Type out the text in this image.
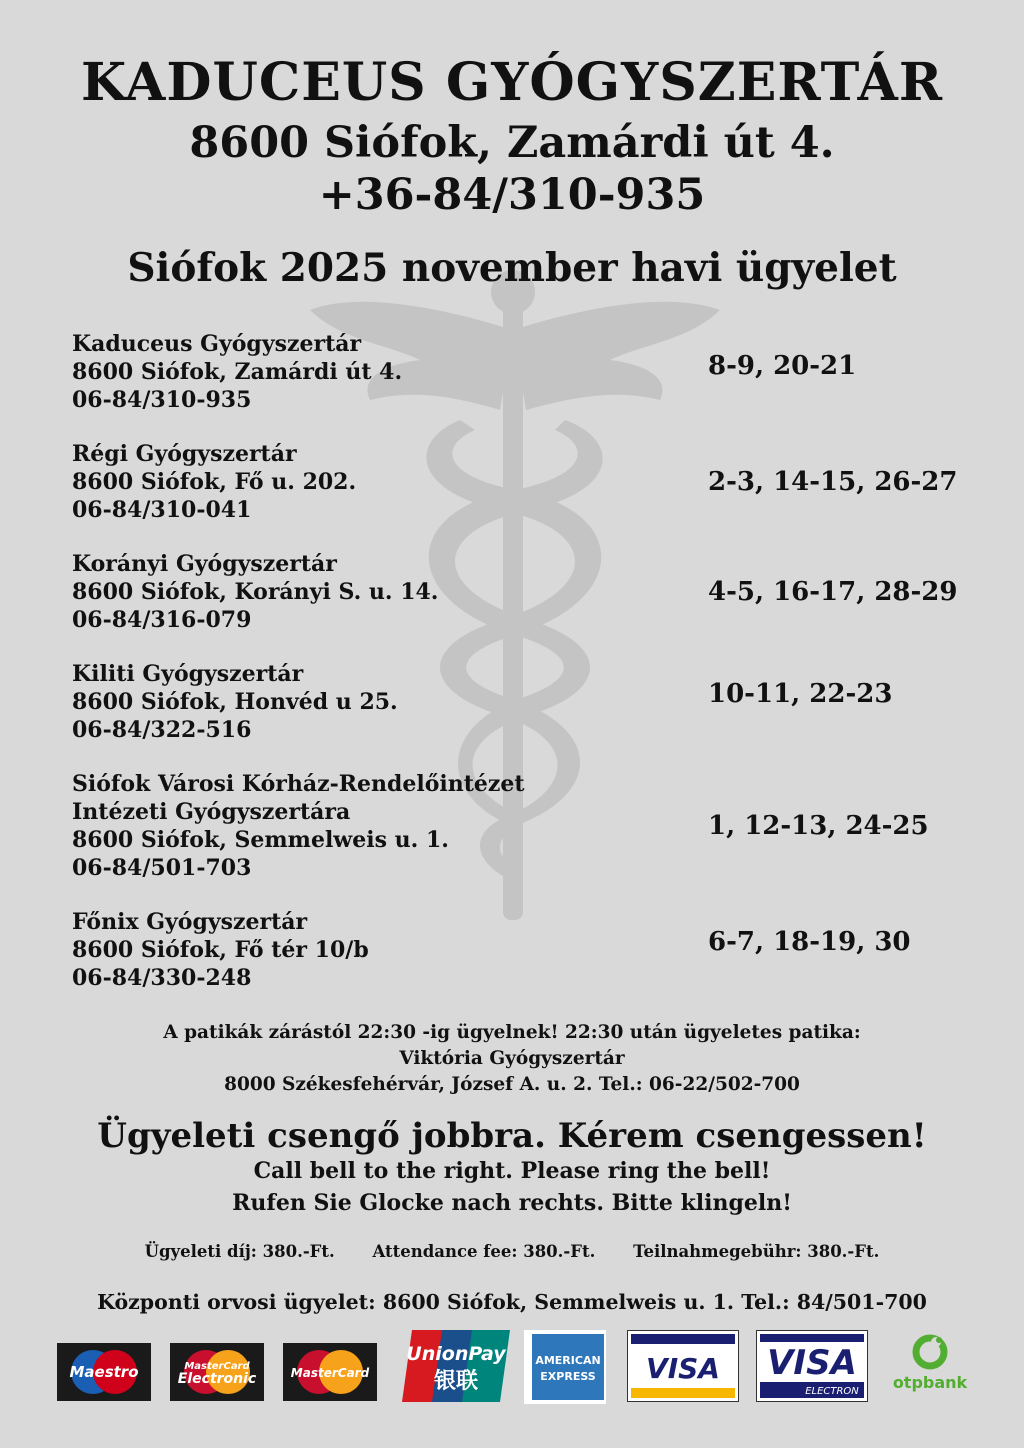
KADUCEUS GYÓGYSZERTÁR
8600 Siófok, Zamárdi út 4.
+36-84/310-935
Siófok 2025 november havi ügyelet
Kaduceus Gyógyszertár
8600 Siófok, Zamárdi út 4.
06-84/310-935
8-9, 20-21
Régi Gyógyszertár
8600 Siófok, Fő u. 202.
06-84/310-041
2-3, 14-15, 26-27
Korányi Gyógyszertár
8600 Siófok, Korányi S. u. 14.
06-84/316-079
4-5, 16-17, 28-29
Kiliti Gyógyszertár
8600 Siófok, Honvéd u 25.
06-84/322-516
10-11, 22-23
Siófok Városi Kórház-Rendelőintézet
Intézeti Gyógyszertára
8600 Siófok, Semmelweis u. 1.
06-84/501-703
1, 12-13, 24-25
Főnix Gyógyszertár
8600 Siófok, Fő tér 10/b
06-84/330-248
6-7, 18-19, 30
A patikák zárástól 22:30 -ig ügyelnek! 22:30 után ügyeletes patika:
Viktória Gyógyszertár
8000 Székesfehérvár, József A. u. 2. Tel.: 06-22/502-700
Ügyeleti csengő jobbra. Kérem csengessen!
Call bell to the right. Please ring the bell!
Rufen Sie Glocke nach rechts. Bitte klingeln!
Ügyeleti díj: 380.-Ft. Attendance fee: 380.-Ft. Teilnahmegebühr: 380.-Ft.
Központi orvosi ügyelet: 8600 Siófok, Semmelweis u. 1. Tel.: 84/501-700
Maestro	MasterCard
Electronic	MasterCard
UnionPay
银联
AMERICAN
EXPRESS VISA VISA
ELECTRON otpbank
